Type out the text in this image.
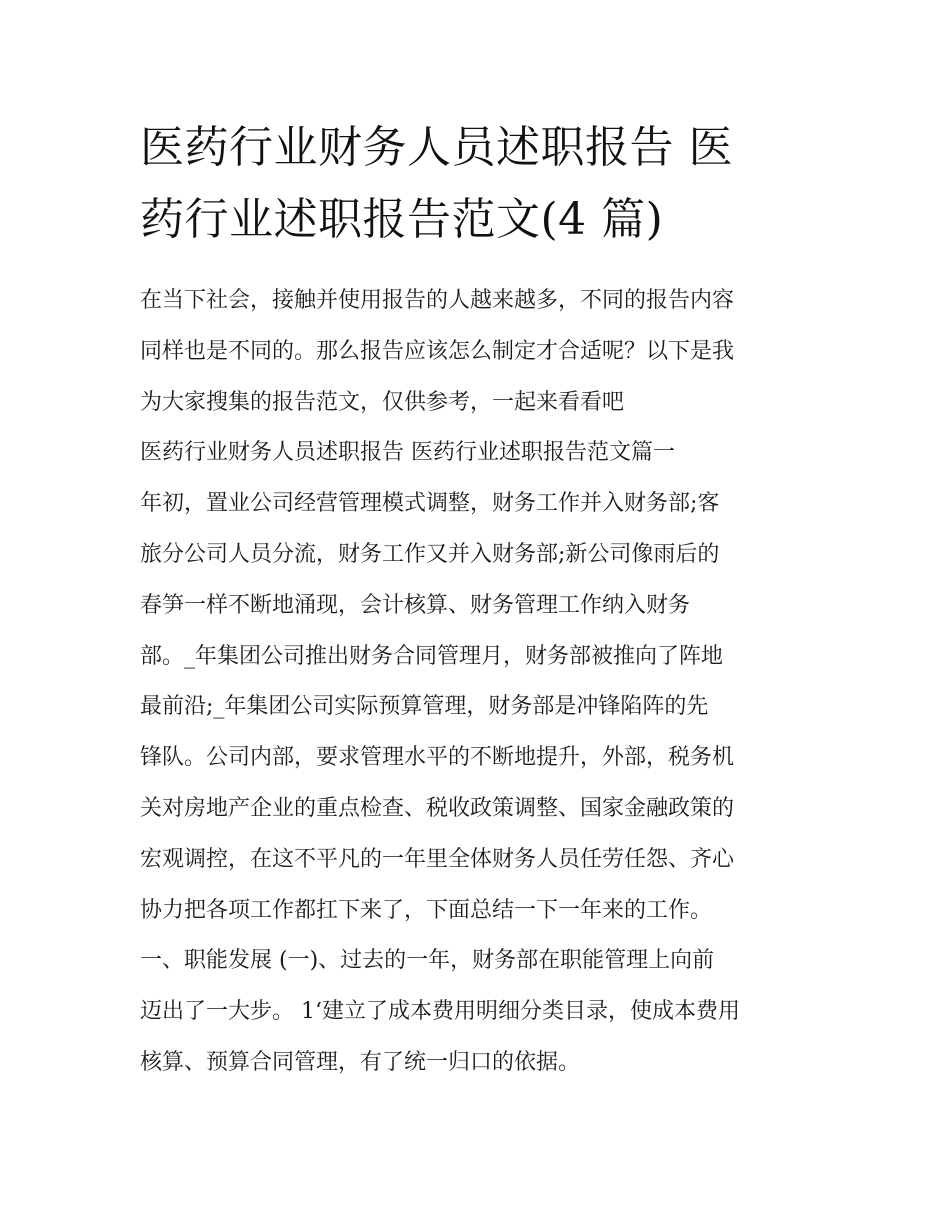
医药行业财务人员述职报告 医
药行业述职报告范文(4 篇)
在当下社会，接触并使用报告的人越来越多，不同的报告内容
同样也是不同的。那么报告应该怎么制定才合适呢？以下是我
为大家搜集的报告范文，仅供参考，一起来看看吧
医药行业财务人员述职报告 医药行业述职报告范文篇一
年初，置业公司经营管理模式调整，财务工作并入财务部;客
旅分公司人员分流，财务工作又并入财务部;新公司像雨后的
春笋一样不断地涌现，会计核算、财务管理工作纳入财务
部。_年集团公司推出财务合同管理月，财务部被推向了阵地
最前沿;_年集团公司实际预算管理，财务部是冲锋陷阵的先
锋队。公司内部，要求管理水平的不断地提升，外部，税务机
关对房地产企业的重点检查、税收政策调整、国家金融政策的
宏观调控，在这不平凡的一年里全体财务人员任劳任怨、齐心
协力把各项工作都扛下来了，下面总结一下一年来的工作。
一、职能发展 (一)、过去的一年，财务部在职能管理上向前
迈出了一大步。 1‘建立了成本费用明细分类目录，使成本费用
核算、预算合同管理，有了统一归口的依据。
